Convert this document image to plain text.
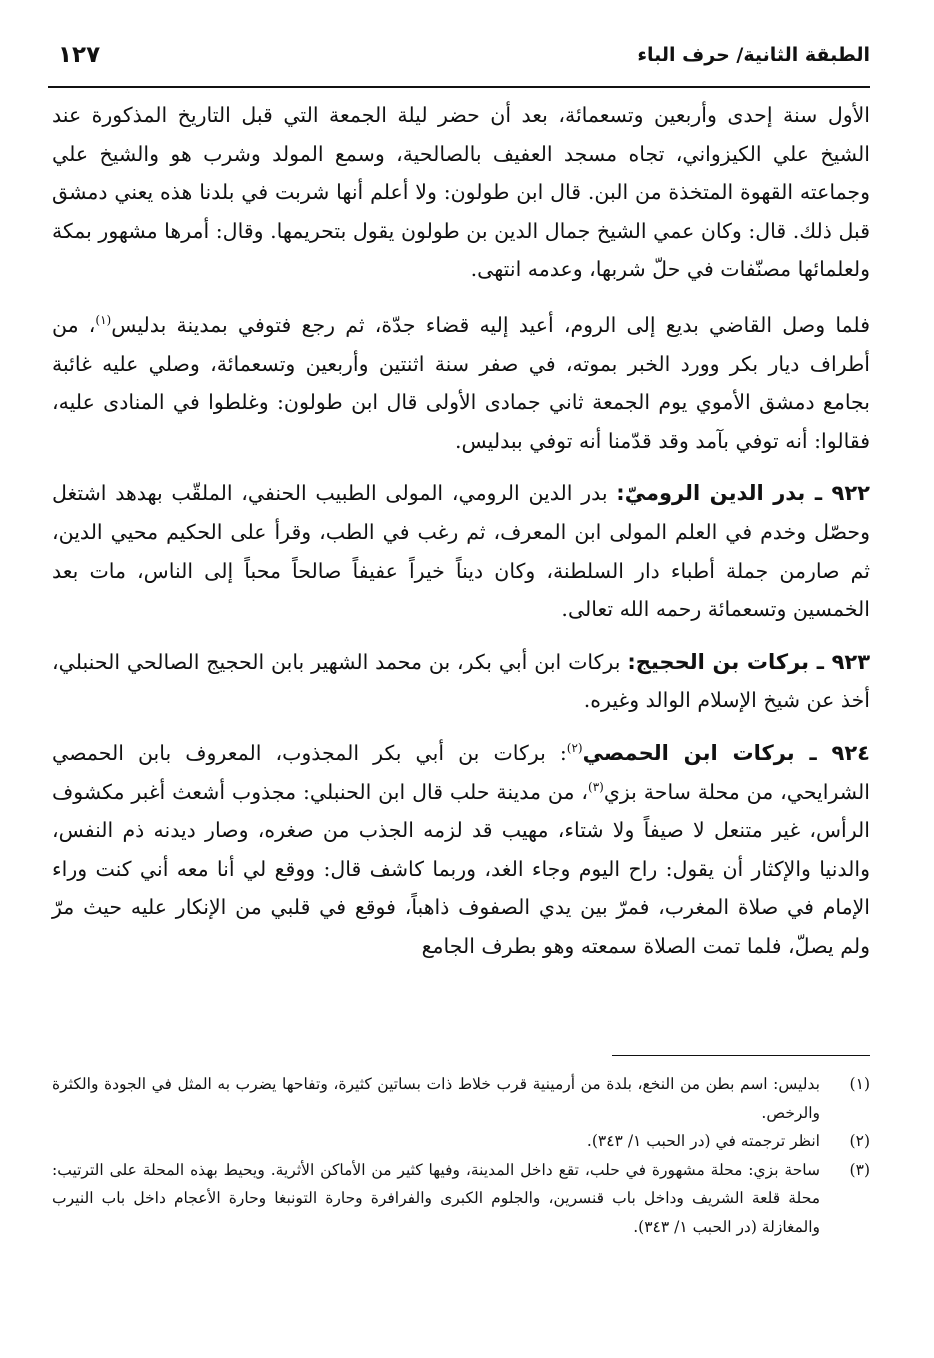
١٢٧	الطبقة الثانية/ حرف الباء

الأول سنة إحدى وأربعين وتسعمائة، بعد أن حضر ليلة الجمعة التي قبل التاريخ المذكورة عند الشيخ علي الكيزواني، تجاه مسجد العفيف بالصالحية، وسمع المولد وشرب هو والشيخ علي وجماعته القهوة المتخذة من البن. قال ابن طولون: ولا أعلم أنها شربت في بلدنا هذه يعني دمشق قبل ذلك. قال: وكان عمي الشيخ جمال الدين بن طولون يقول بتحريمها. وقال: أمرها مشهور بمكة ولعلمائها مصنّفات في حلّ شربها، وعدمه انتهى.

فلما وصل القاضي بديع إلى الروم، أعيد إليه قضاء جدّة، ثم رجع فتوفي بمدينة بدليس$^{(١)}$، من أطراف ديار بكر وورد الخبر بموته، في صفر سنة اثنتين وأربعين وتسعمائة، وصلي عليه غائبة بجامع دمشق الأموي يوم الجمعة ثاني جمادى الأولى قال ابن طولون: وغلطوا في المنادى عليه، فقالوا: أنه توفي بآمد وقد قدّمنا أنه توفي ببدليس.

٩٢٢ ـ بدر الدين الروميّ: بدر الدين الرومي، المولى الطبيب الحنفي، الملقّب بهدهد اشتغل وحصّل وخدم في العلم المولى ابن المعرف، ثم رغب في الطب، وقرأ على الحكيم محيي الدين، ثم صارمن جملة أطباء دار السلطنة، وكان ديناً خيراً عفيفاً صالحاً محباً إلى الناس، مات بعد الخمسين وتسعمائة رحمه الله تعالى.

٩٢٣ ـ بركات بن الحجيج: بركات ابن أبي بكر، بن محمد الشهير بابن الحجيج الصالحي الحنبلي، أخذ عن شيخ الإسلام الوالد وغيره.

٩٢٤ ـ بركات ابن الحمصي$^{(٢)}$: بركات بن أبي بكر المجذوب، المعروف بابن الحمصي الشرايحي، من محلة ساحة بزي$^{(٣)}$، من مدينة حلب قال ابن الحنبلي: مجذوب أشعث أغبر مكشوف الرأس، غير متنعل لا صيفاً ولا شتاء، مهيب قد لزمه الجذب من صغره، وصار ديدنه ذم النفس، والدنيا والإكثار أن يقول: راح اليوم وجاء الغد، وربما كاشف قال: ووقع لي أنا معه أني كنت وراء الإمام في صلاة المغرب، فمرّ بين يدي الصفوف ذاهباً، فوقع في قلبي من الإنكار عليه حيث مرّ ولم يصلّ، فلما تمت الصلاة سمعته وهو بطرف الجامع

(١)
بدليس: اسم بطن من النخع، بلدة من أرمينية قرب خلاط ذات بساتين كثيرة، وتفاحها يضرب به المثل في الجودة والكثرة والرخص.
(٢)
انظر ترجمته في (در الحبب ١/ ٣٤٣).
(٣)
ساحة بزي: محلة مشهورة في حلب، تقع داخل المدينة، وفيها كثير من الأماكن الأثرية. ويحيط بهذه المحلة على الترتيب: محلة قلعة الشريف وداخل باب قنسرين، والجلوم الكبرى والفرافرة وحارة التونبغا وحارة الأعجام داخل باب النيرب والمغازلة (در الحبب ١/ ٣٤٣).
